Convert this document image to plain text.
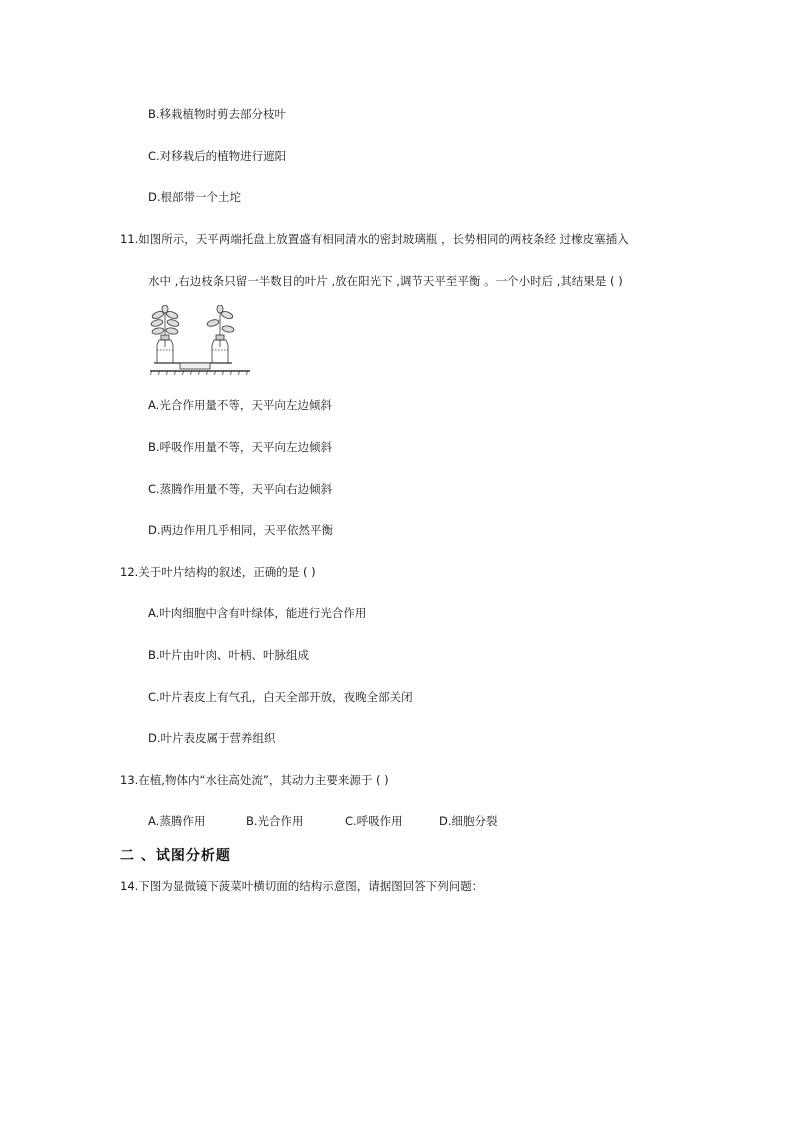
B.移栽植物时剪去部分枝叶
C.对移栽后的植物进行遮阳
D.根部带一个土坨
11.如图所示，天平两端托盘上放置盛有相同清水的密封玻璃瓶 ，长势相同的两枝条经 过橡皮塞插入
水中 ,右边枝条只留一半数目的叶片 ,放在阳光下 ,调节天平至平衡 。一个小时后 ,其结果是 ( )
A.光合作用量不等，天平向左边倾斜
B.呼吸作用量不等，天平向左边倾斜
C.蒸腾作用量不等，天平向右边倾斜
D.两边作用几乎相同，天平依然平衡
12.关于叶片结构的叙述，正确的是 ( )
A.叶肉细胞中含有叶绿体，能进行光合作用
B.叶片由叶肉、叶柄、叶脉组成
C.叶片表皮上有气孔，白天全部开放，夜晚全部关闭
D.叶片表皮属于营养组织
13.在植,物体内“水往高处流”，其动力主要来源于 ( )
A.蒸腾作用	B.光合作用	C.呼吸作用	D.细胞分裂
二 、试图分析题
14.下图为显微镜下菠菜叶横切面的结构示意图，请据图回答下列问题：
